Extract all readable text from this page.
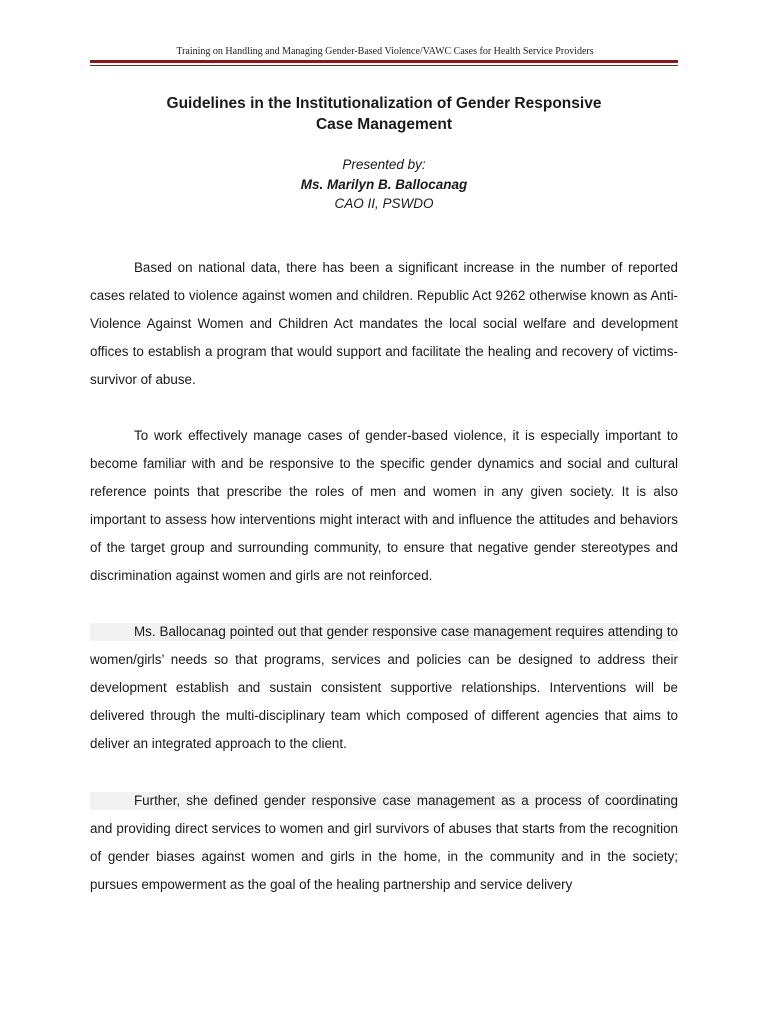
Training on Handling and Managing Gender-Based Violence/VAWC Cases for Health Service Providers
Guidelines in the Institutionalization of Gender Responsive
Case Management
Presented by:
Ms. Marilyn B. Ballocanag
CAO II, PSWDO

Based on national data, there has been a significant increase in the number of reported cases related to violence against women and children. Republic Act 9262 otherwise known as Anti-Violence Against Women and Children Act mandates the local social welfare and development offices to establish a program that would support and facilitate the healing and recovery of victims-survivor of abuse.

To work effectively manage cases of gender-based violence, it is especially important to become familiar with and be responsive to the specific gender dynamics and social and cultural reference points that prescribe the roles of men and women in any given society. It is also important to assess how interventions might interact with and influence the attitudes and behaviors of the target group and surrounding community, to ensure that negative gender stereotypes and discrimination against women and girls are not reinforced.

Ms. Ballocanag pointed out that gender responsive case management requires attending to women/girls’ needs so that programs, services and policies can be designed to address their development establish and sustain consistent supportive relationships. Interventions will be delivered through the multi-disciplinary team which composed of different agencies that aims to deliver an integrated approach to the client.

Further, she defined gender responsive case management as a process of coordinating and providing direct services to women and girl survivors of abuses that starts from the recognition of gender biases against women and girls in the home, in the community and in the society; pursues empowerment as the goal of the healing partnership and service delivery
